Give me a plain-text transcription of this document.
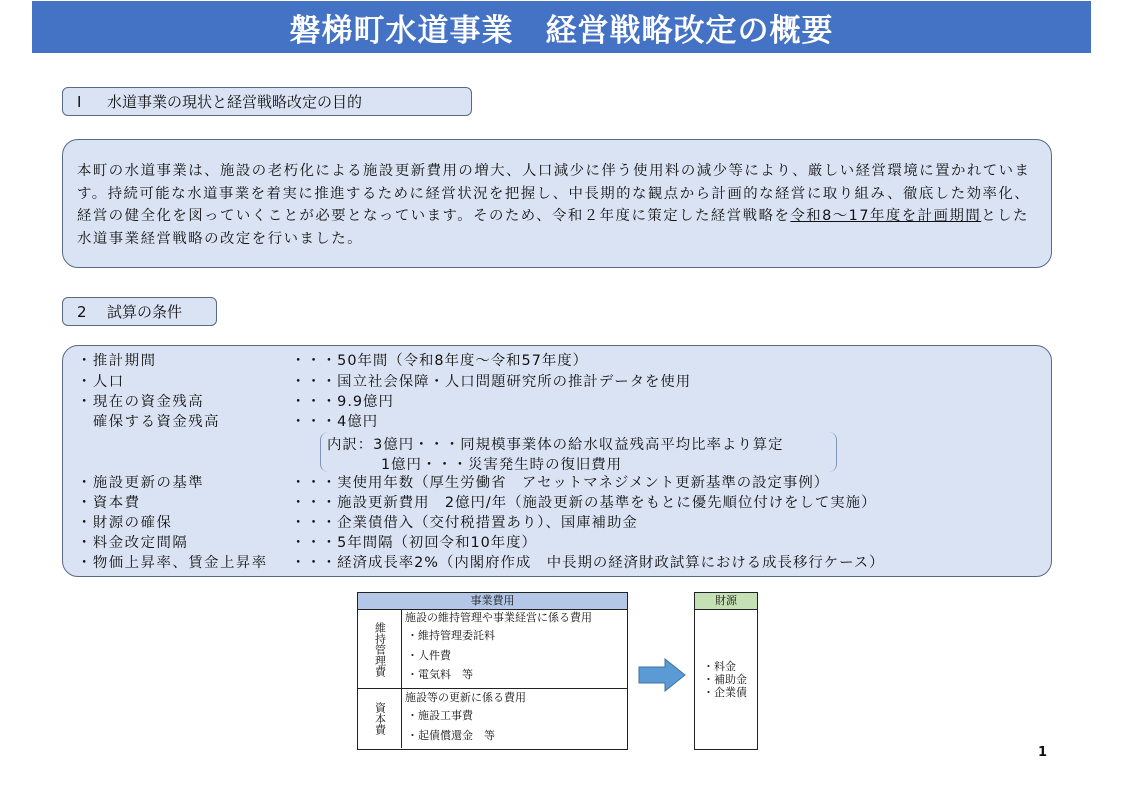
磐梯町水道事業　経営戦略改定の概要
Ⅰ	水道事業の現状と経営戦略改定の目的

本町の水道事業は、施設の老朽化による施設更新費用の増大、人口減少に伴う使用料の減少等により、厳しい経営環境に置かれています。持続可能な水道事業を着実に推進するために経営状況を把握し、中長期的な観点から計画的な経営に取り組み、徹底した効率化、経営の健全化を図っていくことが必要となっています。そのため、令和２年度に策定した経営戦略を令和8～17年度を計画期間とした水道事業経営戦略の改定を行いました。

2	試算の条件
・推計期間	・・・50年間（令和8年度～令和57年度）
・人口	・・・国立社会保障・人口問題研究所の推計データを使用
・現在の資金残高	・・・9.9億円
　確保する資金残高	・・・4億円
内訳：3億円・・・同規模事業体の給水収益残高平均比率より算定
1億円・・・災害発生時の復旧費用
・施設更新の基準	・・・実使用年数（厚生労働省　アセットマネジメント更新基準の設定事例）
・資本費	・・・施設更新費用　2億円/年（施設更新の基準をもとに優先順位付けをして実施）
・財源の確保	・・・企業債借入（交付税措置あり）、国庫補助金
・料金改定間隔	・・・5年間隔（初回令和10年度）
・物価上昇率、賃金上昇率 ・・・経済成長率2%（内閣府作成　中長期の経済財政試算における成長移行ケース）
事業費用
維持管理費
施設の維持管理や事業経営に係る費用
・維持管理委託料
・人件費
・電気料　等
資本費
施設等の更新に係る費用
・施設工事費
・起債償還金　等
財源
・料金
・補助金
・企業債
1
